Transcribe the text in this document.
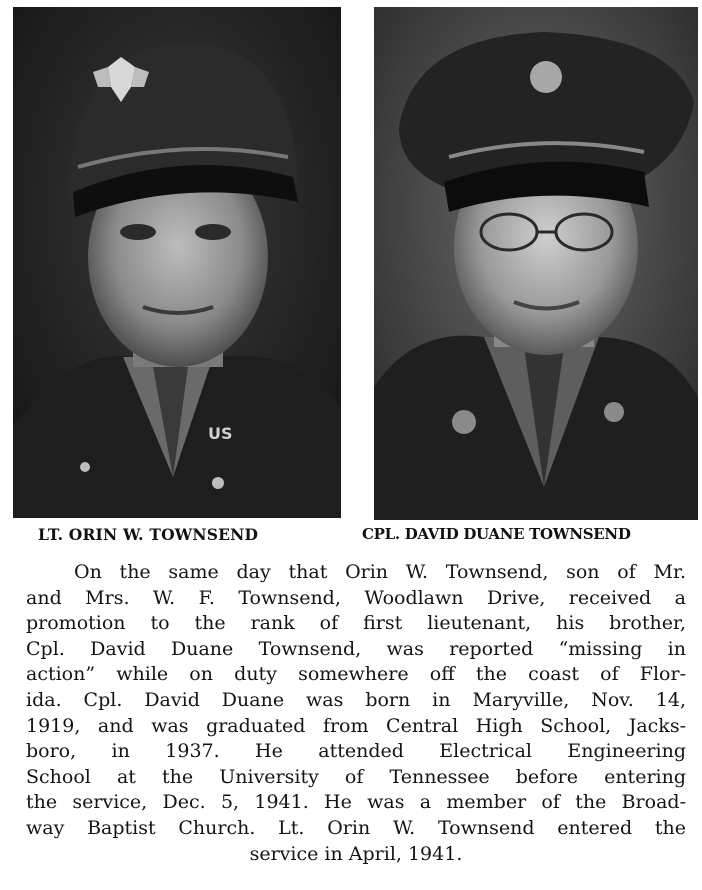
US
LT. ORIN W. TOWNSEND	CPL. DAVID DUANE TOWNSEND
On the same day that Orin W. Townsend, son of Mr.
and Mrs. W. F. Townsend, Woodlawn Drive, received a
promotion to the rank of first lieutenant, his brother,
Cpl. David Duane Townsend, was reported “missing in
action” while on duty somewhere off the coast of Flor-
ida. Cpl. David Duane was born in Maryville, Nov. 14,
1919, and was graduated from Central High School, Jacks-
boro, in 1937. He attended Electrical Engineering
School at the University of Tennessee before entering
the service, Dec. 5, 1941. He was a member of the Broad-
way Baptist Church. Lt. Orin W. Townsend entered the
service in April, 1941.
